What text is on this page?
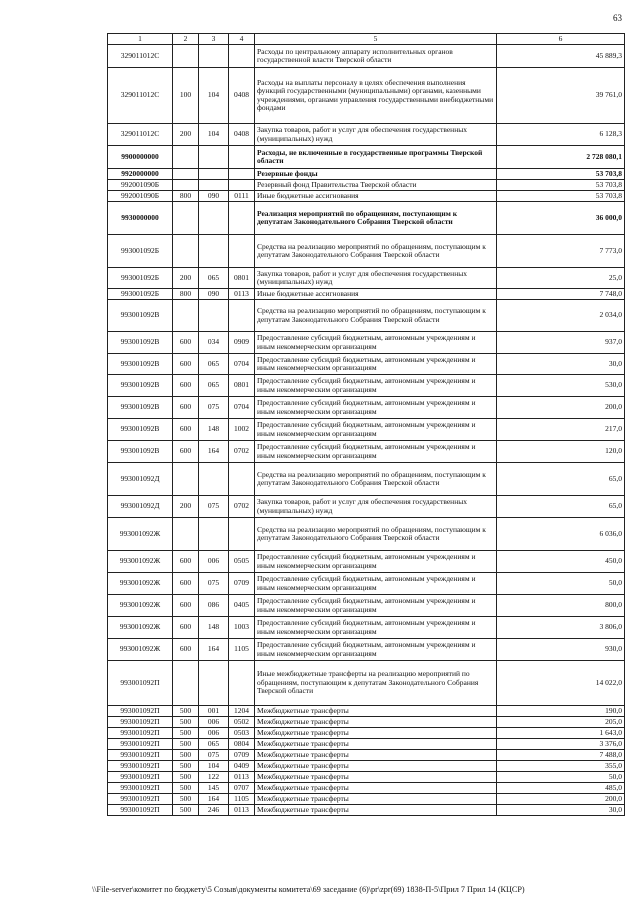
63
1	2	3	4	5	6
329011012С				Расходы по центральному аппарату исполнительных органов государственной власти Тверской области	45 889,3
329011012С	100	104	0408	Расходы на выплаты персоналу в целях обеспечения выполнения функций государственными (муниципальными) органами, казенными учреждениями, органами управления государственными внебюджетными фондами	39 761,0
329011012С	200	104	0408	Закупка товаров, работ и услуг для обеспечения государственных (муниципальных) нужд	6 128,3
9900000000				Расходы, не включенные в государственные программы Тверской области	2 728 080,1
9920000000				Резервные фонды	53 703,8
992001090Б				Резервный фонд Правительства Тверской области	53 703,8
992001090Б	800	090	0111	Иные бюджетные ассигнования	53 703,8
9930000000				Реализация мероприятий по обращениям, поступающим к депутатам Законодательного Собрания Тверской области	36 000,0
993001092Б				Средства на реализацию мероприятий по обращениям, поступающим к депутатам Законодательного Собрания Тверской области	7 773,0
993001092Б	200	065	0801	Закупка товаров, работ и услуг для обеспечения государственных (муниципальных) нужд	25,0
993001092Б	800	090	0113	Иные бюджетные ассигнования	7 748,0
993001092В				Средства на реализацию мероприятий по обращениям, поступающим к депутатам Законодательного Собрания Тверской области	2 034,0
993001092В	600	034	0909	Предоставление субсидий бюджетным, автономным учреждениям и иным некоммерческим организациям	937,0
993001092В	600	065	0704	Предоставление субсидий бюджетным, автономным учреждениям и иным некоммерческим организациям	30,0
993001092В	600	065	0801	Предоставление субсидий бюджетным, автономным учреждениям и иным некоммерческим организациям	530,0
993001092В	600	075	0704	Предоставление субсидий бюджетным, автономным учреждениям и иным некоммерческим организациям	200,0
993001092В	600	148	1002	Предоставление субсидий бюджетным, автономным учреждениям и иным некоммерческим организациям	217,0
993001092В	600	164	0702	Предоставление субсидий бюджетным, автономным учреждениям и иным некоммерческим организациям	120,0
993001092Д				Средства на реализацию мероприятий по обращениям, поступающим к депутатам Законодательного Собрания Тверской области	65,0
993001092Д	200	075	0702	Закупка товаров, работ и услуг для обеспечения государственных (муниципальных) нужд	65,0
993001092Ж				Средства на реализацию мероприятий по обращениям, поступающим к депутатам Законодательного Собрания Тверской области	6 036,0
993001092Ж	600	006	0505	Предоставление субсидий бюджетным, автономным учреждениям и иным некоммерческим организациям	450,0
993001092Ж	600	075	0709	Предоставление субсидий бюджетным, автономным учреждениям и иным некоммерческим организациям	50,0
993001092Ж	600	086	0405	Предоставление субсидий бюджетным, автономным учреждениям и иным некоммерческим организациям	800,0
993001092Ж	600	148	1003	Предоставление субсидий бюджетным, автономным учреждениям и иным некоммерческим организациям	3 806,0
993001092Ж	600	164	1105	Предоставление субсидий бюджетным, автономным учреждениям и иным некоммерческим организациям	930,0
993001092П				Иные межбюджетные трансферты на реализацию мероприятий по обращениям, поступающим к депутатам Законодательного Собрания Тверской области	14 022,0
993001092П	500	001	1204	Межбюджетные трансферты	190,0
993001092П	500	006	0502	Межбюджетные трансферты	205,0
993001092П	500	006	0503	Межбюджетные трансферты	1 643,0
993001092П	500	065	0804	Межбюджетные трансферты	3 376,0
993001092П	500	075	0709	Межбюджетные трансферты	7 488,0
993001092П	500	104	0409	Межбюджетные трансферты	355,0
993001092П	500	122	0113	Межбюджетные трансферты	50,0
993001092П	500	145	0707	Межбюджетные трансферты	485,0
993001092П	500	164	1105	Межбюджетные трансферты	200,0
993001092П	500	246	0113	Межбюджетные трансферты	30,0
\\File-server\комитет по бюджету\5 Созыв\документы комитета\69 заседание (6)\pr\zpr(69) 1838-П-5\Прил 7 Прил 14 (КЦСР)
